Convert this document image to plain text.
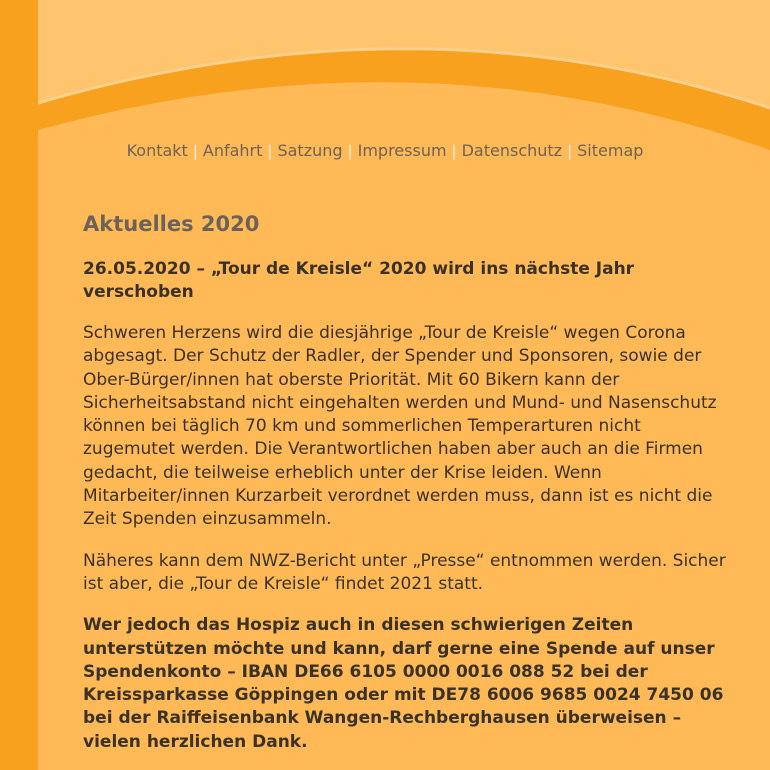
Kontakt | Anfahrt | Satzung | Impressum | Datenschutz | Sitemap
Aktuelles 2020
26.05.2020 – „Tour de Kreisle“ 2020 wird ins nächste Jahr verschoben

Schweren Herzens wird die diesjährige „Tour de Kreisle“ wegen Corona abgesagt. Der Schutz der Radler, der Spender und Sponsoren, sowie der Ober-Bürger/innen hat oberste Priorität. Mit 60 Bikern kann der Sicherheitsabstand nicht eingehalten werden und Mund- und Nasenschutz können bei täglich 70 km und sommerlichen Temperarturen nicht zugemutet werden. Die Verantwortlichen haben aber auch an die Firmen gedacht, die teilweise erheblich unter der Krise leiden. Wenn Mitarbeiter/innen Kurzarbeit verordnet werden muss, dann ist es nicht die Zeit Spenden einzusammeln.

Näheres kann dem NWZ-Bericht unter „Presse“ entnommen werden. Sicher ist aber, die „Tour de Kreisle“ findet 2021 statt.

Wer jedoch das Hospiz auch in diesen schwierigen Zeiten unterstützen möchte und kann, darf gerne eine Spende auf unser Spendenkonto – IBAN DE66 6105 0000 0016 088 52 bei der Kreissparkasse Göppingen oder mit DE78 6006 9685 0024 7450 06 bei der Raiffeisenbank Wangen-Rechberghausen überweisen – vielen herzlichen Dank.
